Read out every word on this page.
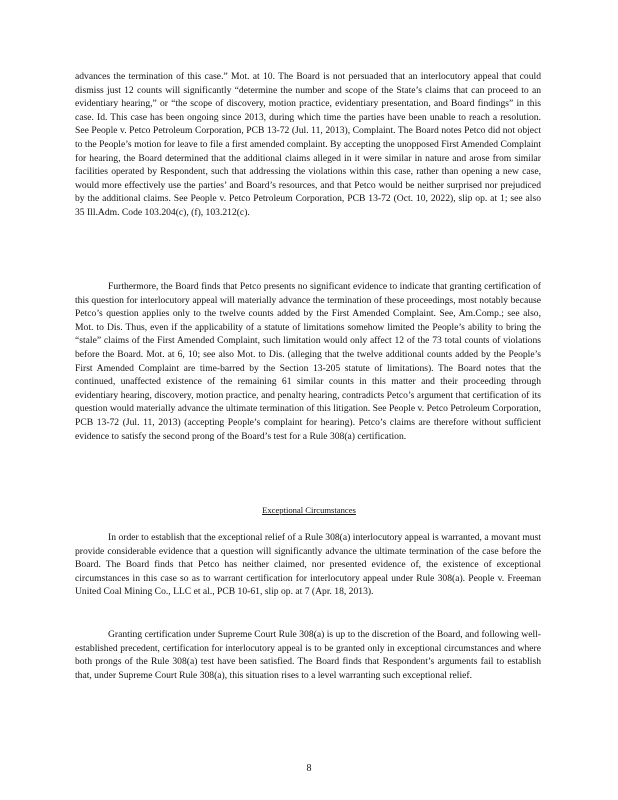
advances the termination of this case.” Mot. at 10. The Board is not persuaded that an interlocutory appeal that could dismiss just 12 counts will significantly “determine the number and scope of the State’s claims that can proceed to an evidentiary hearing,” or “the scope of discovery, motion practice, evidentiary presentation, and Board findings” in this case. Id. This case has been ongoing since 2013, during which time the parties have been unable to reach a resolution. See People v. Petco Petroleum Corporation, PCB 13-72 (Jul. 11, 2013), Complaint. The Board notes Petco did not object to the People’s motion for leave to file a first amended complaint. By accepting the unopposed First Amended Complaint for hearing, the Board determined that the additional claims alleged in it were similar in nature and arose from similar facilities operated by Respondent, such that addressing the violations within this case, rather than opening a new case, would more effectively use the parties’ and Board’s resources, and that Petco would be neither surprised nor prejudiced by the additional claims. See People v. Petco Petroleum Corporation, PCB 13-72 (Oct. 10, 2022), slip op. at 1; see also 35 Ill.Adm. Code 103.204(c), (f), 103.212(c).

Furthermore, the Board finds that Petco presents no significant evidence to indicate that granting certification of this question for interlocutory appeal will materially advance the termination of these proceedings, most notably because Petco’s question applies only to the twelve counts added by the First Amended Complaint. See, Am.Comp.; see also, Mot. to Dis. Thus, even if the applicability of a statute of limitations somehow limited the People’s ability to bring the “stale” claims of the First Amended Complaint, such limitation would only affect 12 of the 73 total counts of violations before the Board. Mot. at 6, 10; see also Mot. to Dis. (alleging that the twelve additional counts added by the People’s First Amended Complaint are time-barred by the Section 13-205 statute of limitations). The Board notes that the continued, unaffected existence of the remaining 61 similar counts in this matter and their proceeding through evidentiary hearing, discovery, motion practice, and penalty hearing, contradicts Petco’s argument that certification of its question would materially advance the ultimate termination of this litigation. See People v. Petco Petroleum Corporation, PCB 13-72 (Jul. 11, 2013) (accepting People’s complaint for hearing). Petco’s claims are therefore without sufficient evidence to satisfy the second prong of the Board’s test for a Rule 308(a) certification.

Exceptional Circumstances

In order to establish that the exceptional relief of a Rule 308(a) interlocutory appeal is warranted, a movant must provide considerable evidence that a question will significantly advance the ultimate termination of the case before the Board. The Board finds that Petco has neither claimed, nor presented evidence of, the existence of exceptional circumstances in this case so as to warrant certification for interlocutory appeal under Rule 308(a). People v. Freeman United Coal Mining Co., LLC et al., PCB 10-61, slip op. at 7 (Apr. 18, 2013).

Granting certification under Supreme Court Rule 308(a) is up to the discretion of the Board, and following well-established precedent, certification for interlocutory appeal is to be granted only in exceptional circumstances and where both prongs of the Rule 308(a) test have been satisfied. The Board finds that Respondent’s arguments fail to establish that, under Supreme Court Rule 308(a), this situation rises to a level warranting such exceptional relief.

8
